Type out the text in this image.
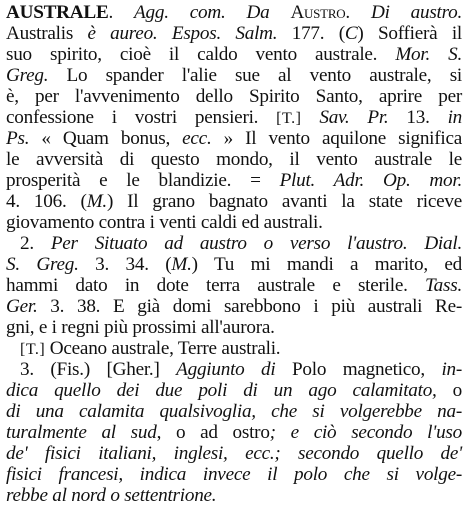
AUSTRALE. Agg. com. Da Austro. Di austro.
Australis è aureo. Espos. Salm. 177. (C) Soffierà il
suo spirito, cioè il caldo vento australe. Mor. S.
Greg. Lo spander l'alie sue al vento australe, si
è, per l'avvenimento dello Spirito Santo, aprire per
confessione i vostri pensieri. [T.] Sav. Pr. 13. in
Ps. « Quam bonus, ecc. » Il vento aquilone significa
le avversità di questo mondo, il vento australe le
prosperità e le blandizie. = Plut. Adr. Op. mor.
4. 106. (M.) Il grano bagnato avanti la state riceve
giovamento contra i venti caldi ed australi.
2. Per Situato ad austro o verso l'austro. Dial.
S. Greg. 3. 34. (M.) Tu mi mandi a marito, ed
hammi dato in dote terra australe e sterile. Tass.
Ger. 3. 38. E già domi sarebbono i più australi Re-
gni, e i regni più prossimi all'aurora.
[T.] Oceano australe, Terre australi.
3. (Fis.) [Gher.] Aggiunto di Polo magnetico, in-
dica quello dei due poli di un ago calamitato, o
di una calamita qualsivoglia, che si volgerebbe na-
turalmente al sud, o ad ostro; e ciò secondo l'uso
de' fisici italiani, inglesi, ecc.; secondo quello de'
fisici francesi, indica invece il polo che si volge-
rebbe al nord o settentrione.
